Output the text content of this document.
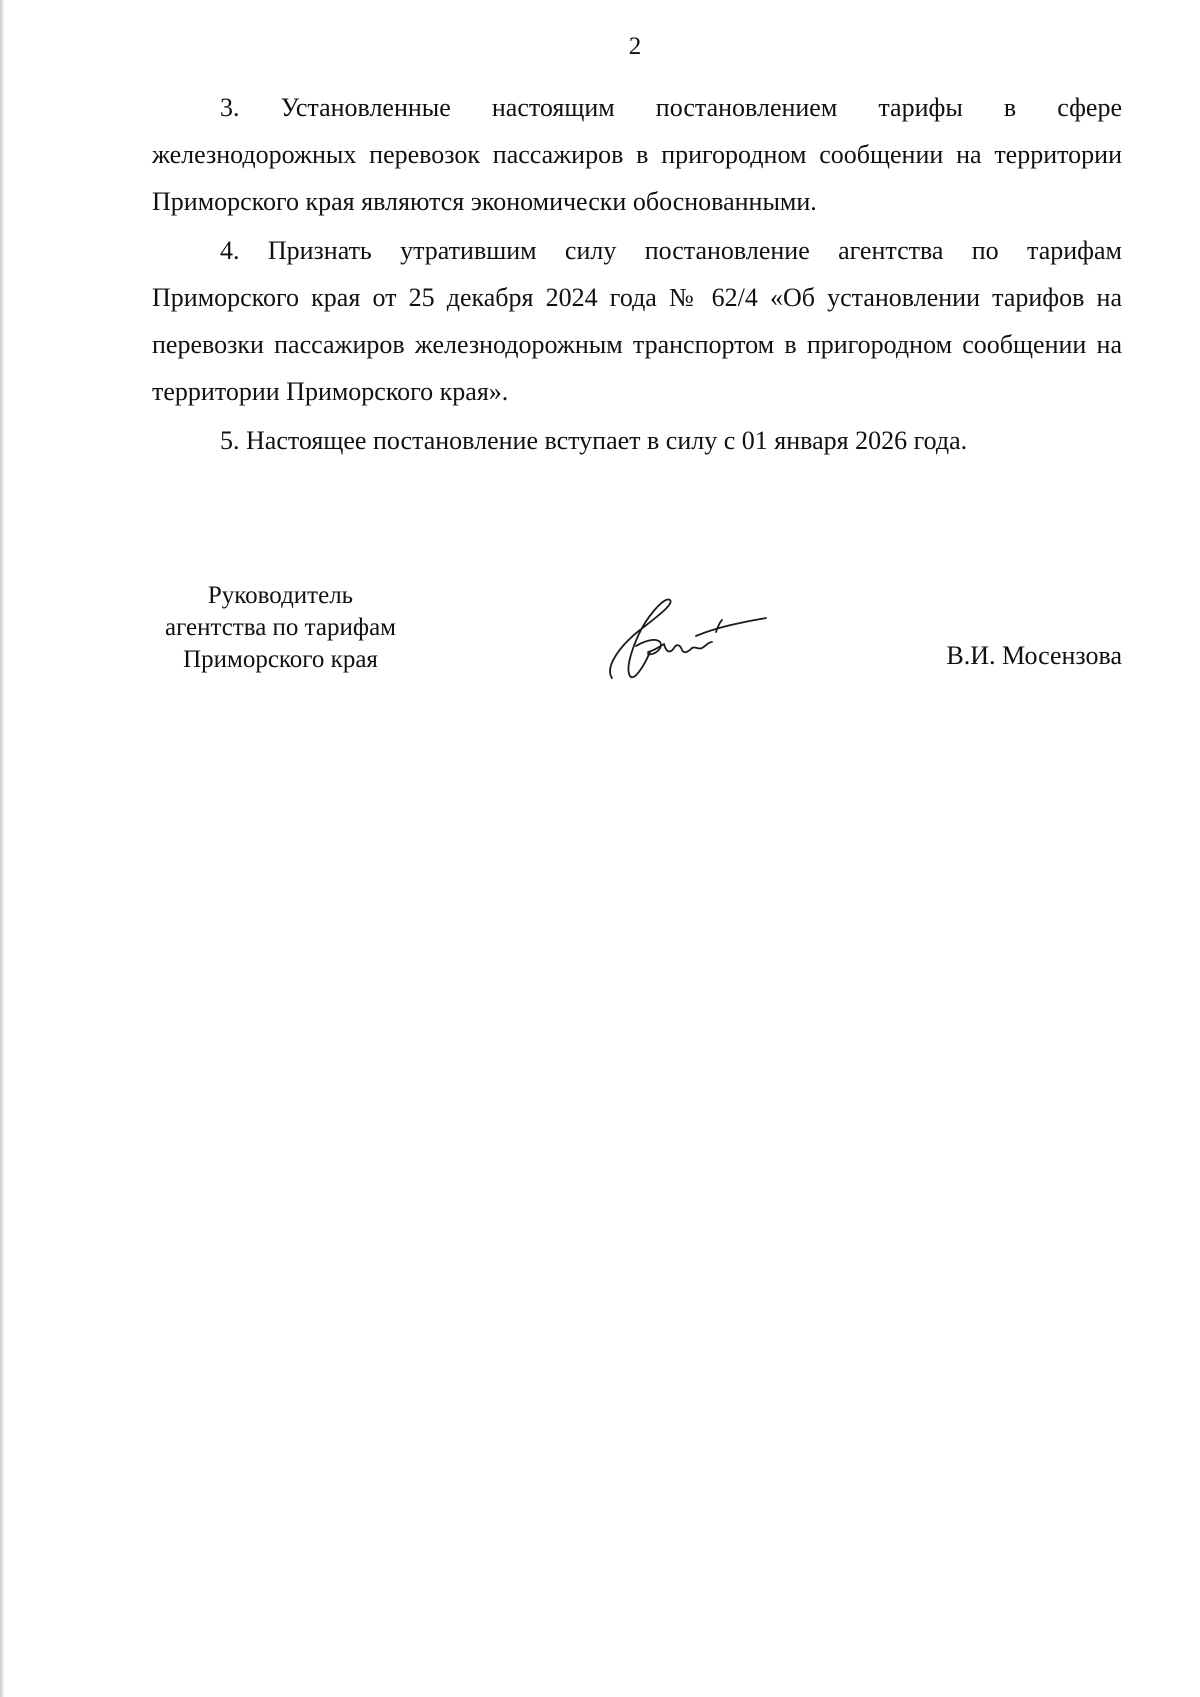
2

3. Установленные настоящим постановлением тарифы в сфере железнодорожных перевозок пассажиров в пригородном сообщении на территории Приморского края являются экономически обоснованными.

4. Признать утратившим силу постановление агентства по тарифам Приморского края от 25 декабря 2024 года № 62/4 «Об установлении тарифов на перевозки пассажиров железнодорожным транспортом в пригородном сообщении на территории Приморского края».

5. Настоящее постановление вступает в силу с 01 января 2026 года.

Руководитель
агентства по тарифам
Приморского края	В.И. Мосензова
